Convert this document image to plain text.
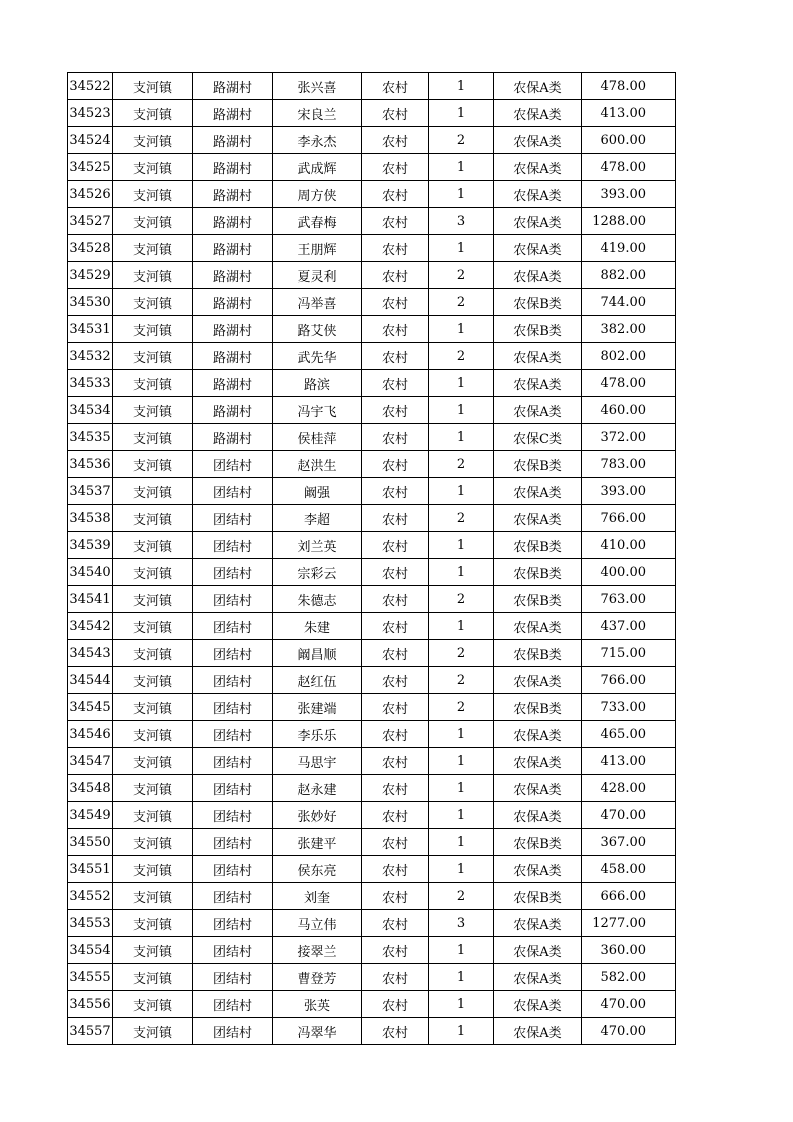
34522	支河镇	路湖村	张兴喜	农村	1	农保A类	478.00
34523	支河镇	路湖村	宋良兰	农村	1	农保A类	413.00
34524	支河镇	路湖村	李永杰	农村	2	农保A类	600.00
34525	支河镇	路湖村	武成辉	农村	1	农保A类	478.00
34526	支河镇	路湖村	周方侠	农村	1	农保A类	393.00
34527	支河镇	路湖村	武春梅	农村	3	农保A类	1288.00
34528	支河镇	路湖村	王朋辉	农村	1	农保A类	419.00
34529	支河镇	路湖村	夏灵利	农村	2	农保A类	882.00
34530	支河镇	路湖村	冯举喜	农村	2	农保B类	744.00
34531	支河镇	路湖村	路艾侠	农村	1	农保B类	382.00
34532	支河镇	路湖村	武先华	农村	2	农保A类	802.00
34533	支河镇	路湖村	路滨	农村	1	农保A类	478.00
34534	支河镇	路湖村	冯宇飞	农村	1	农保A类	460.00
34535	支河镇	路湖村	侯桂萍	农村	1	农保C类	372.00
34536	支河镇	团结村	赵洪生	农村	2	农保B类	783.00
34537	支河镇	团结村	阚强	农村	1	农保A类	393.00
34538	支河镇	团结村	李超	农村	2	农保A类	766.00
34539	支河镇	团结村	刘兰英	农村	1	农保B类	410.00
34540	支河镇	团结村	宗彩云	农村	1	农保B类	400.00
34541	支河镇	团结村	朱德志	农村	2	农保B类	763.00
34542	支河镇	团结村	朱建	农村	1	农保A类	437.00
34543	支河镇	团结村	阚昌顺	农村	2	农保B类	715.00
34544	支河镇	团结村	赵红伍	农村	2	农保A类	766.00
34545	支河镇	团结村	张建端	农村	2	农保B类	733.00
34546	支河镇	团结村	李乐乐	农村	1	农保A类	465.00
34547	支河镇	团结村	马思宇	农村	1	农保A类	413.00
34548	支河镇	团结村	赵永建	农村	1	农保A类	428.00
34549	支河镇	团结村	张妙好	农村	1	农保A类	470.00
34550	支河镇	团结村	张建平	农村	1	农保B类	367.00
34551	支河镇	团结村	侯东亮	农村	1	农保A类	458.00
34552	支河镇	团结村	刘奎	农村	2	农保B类	666.00
34553	支河镇	团结村	马立伟	农村	3	农保A类	1277.00
34554	支河镇	团结村	接翠兰	农村	1	农保A类	360.00
34555	支河镇	团结村	曹登芳	农村	1	农保A类	582.00
34556	支河镇	团结村	张英	农村	1	农保A类	470.00
34557	支河镇	团结村	冯翠华	农村	1	农保A类	470.00
